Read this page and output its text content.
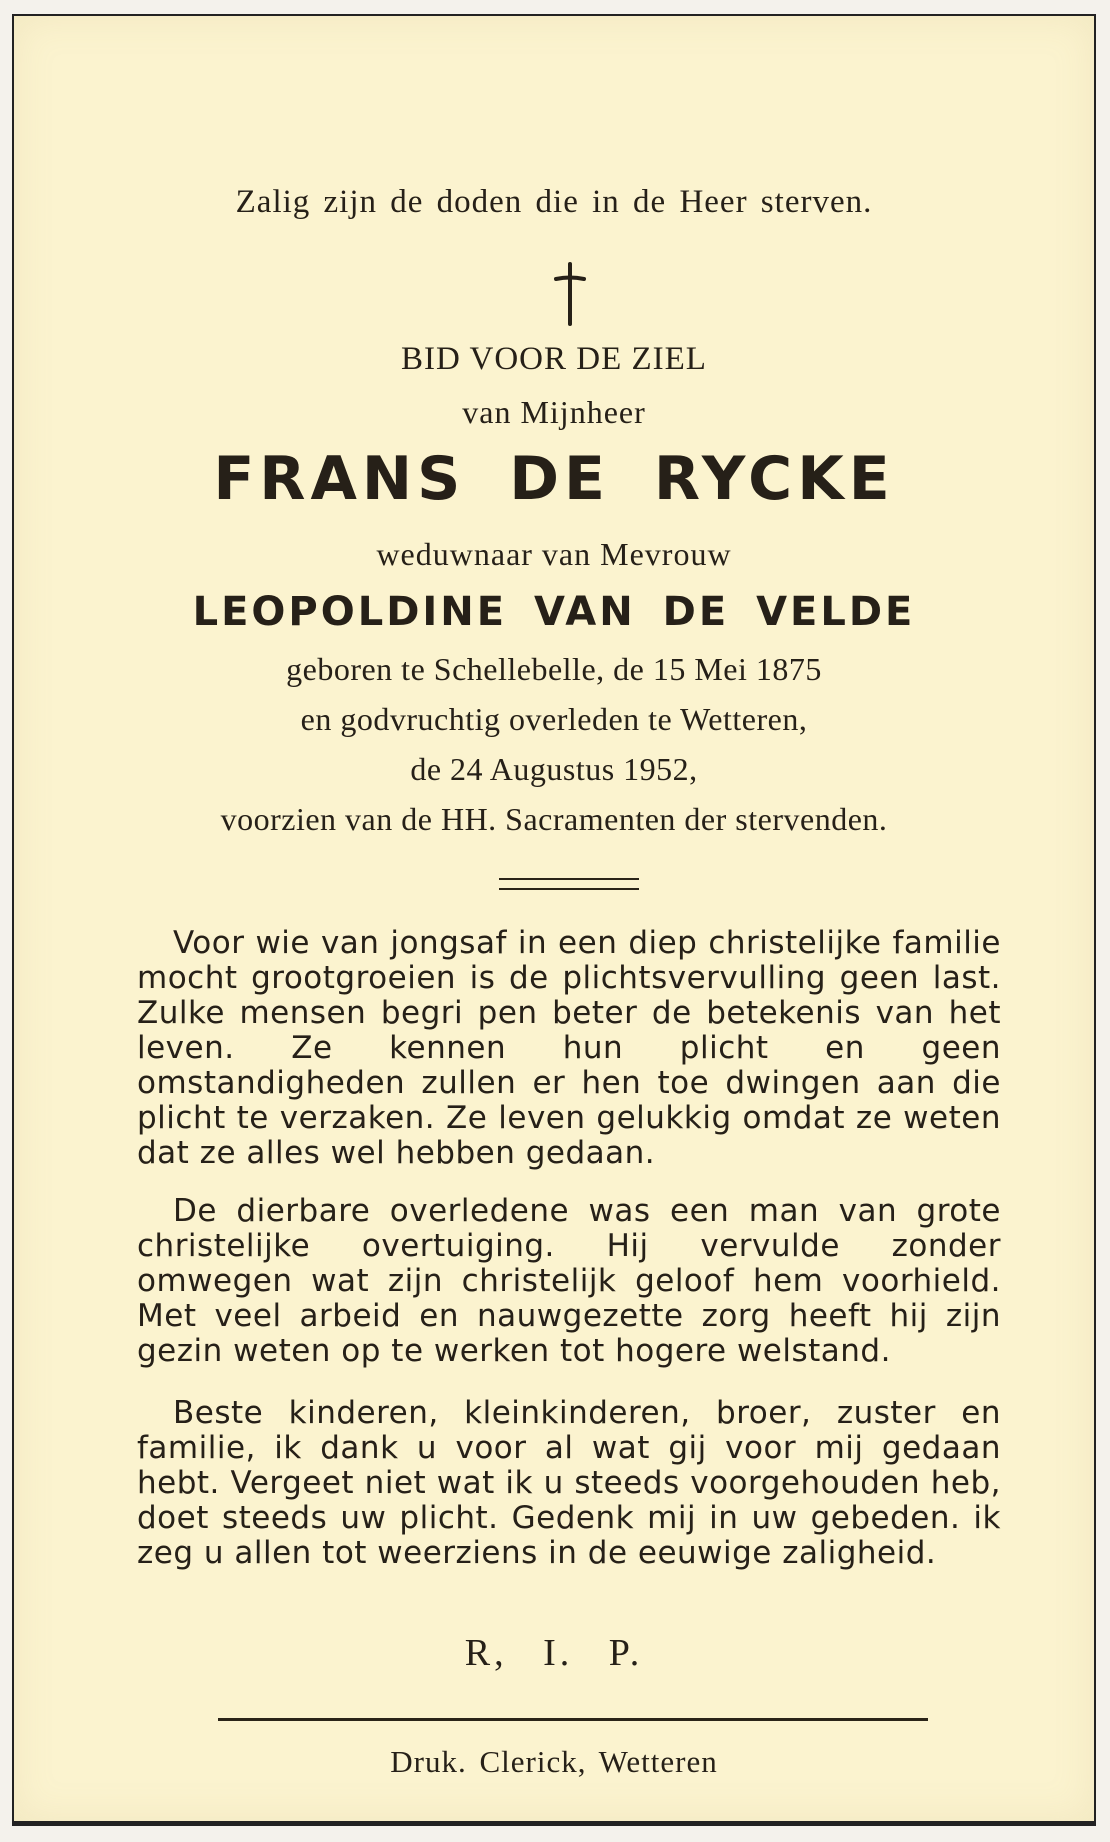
Zalig zijn de doden die in de Heer sterven.
BID VOOR DE ZIEL
van Mijnheer
FRANS DE RYCKE
weduwnaar van Mevrouw
LEOPOLDINE VAN DE VELDE
geboren te Schellebelle, de 15 Mei 1875
en godvruchtig overleden te Wetteren,
de 24 Augustus 1952,
voorzien van de HH. Sacramenten der stervenden.

Voor wie van jongsaf in een diep christelijke familie mocht grootgroeien is de plichtsvervulling geen last. Zulke mensen begri pen beter de betekenis van het leven. Ze kennen hun plicht en geen omstandigheden zullen er hen toe dwingen aan die plicht te verzaken. Ze leven gelukkig omdat ze weten dat ze alles wel hebben gedaan.

De dierbare overledene was een man van grote christelijke overtuiging. Hij vervulde zonder omwegen wat zijn christelijk geloof hem voorhield. Met veel arbeid en nauwgezette zorg heeft hij zijn gezin weten op te werken tot hogere welstand.

Beste kinderen, kleinkinderen, broer, zuster en familie, ik dank u voor al wat gij voor mij gedaan hebt. Vergeet niet wat ik u steeds voorgehouden heb, doet steeds uw plicht. Gedenk mij in uw gebeden. ik zeg u allen tot weerziens in de eeuwige zaligheid.

R, I. P.
Druk. Clerick, Wetteren
